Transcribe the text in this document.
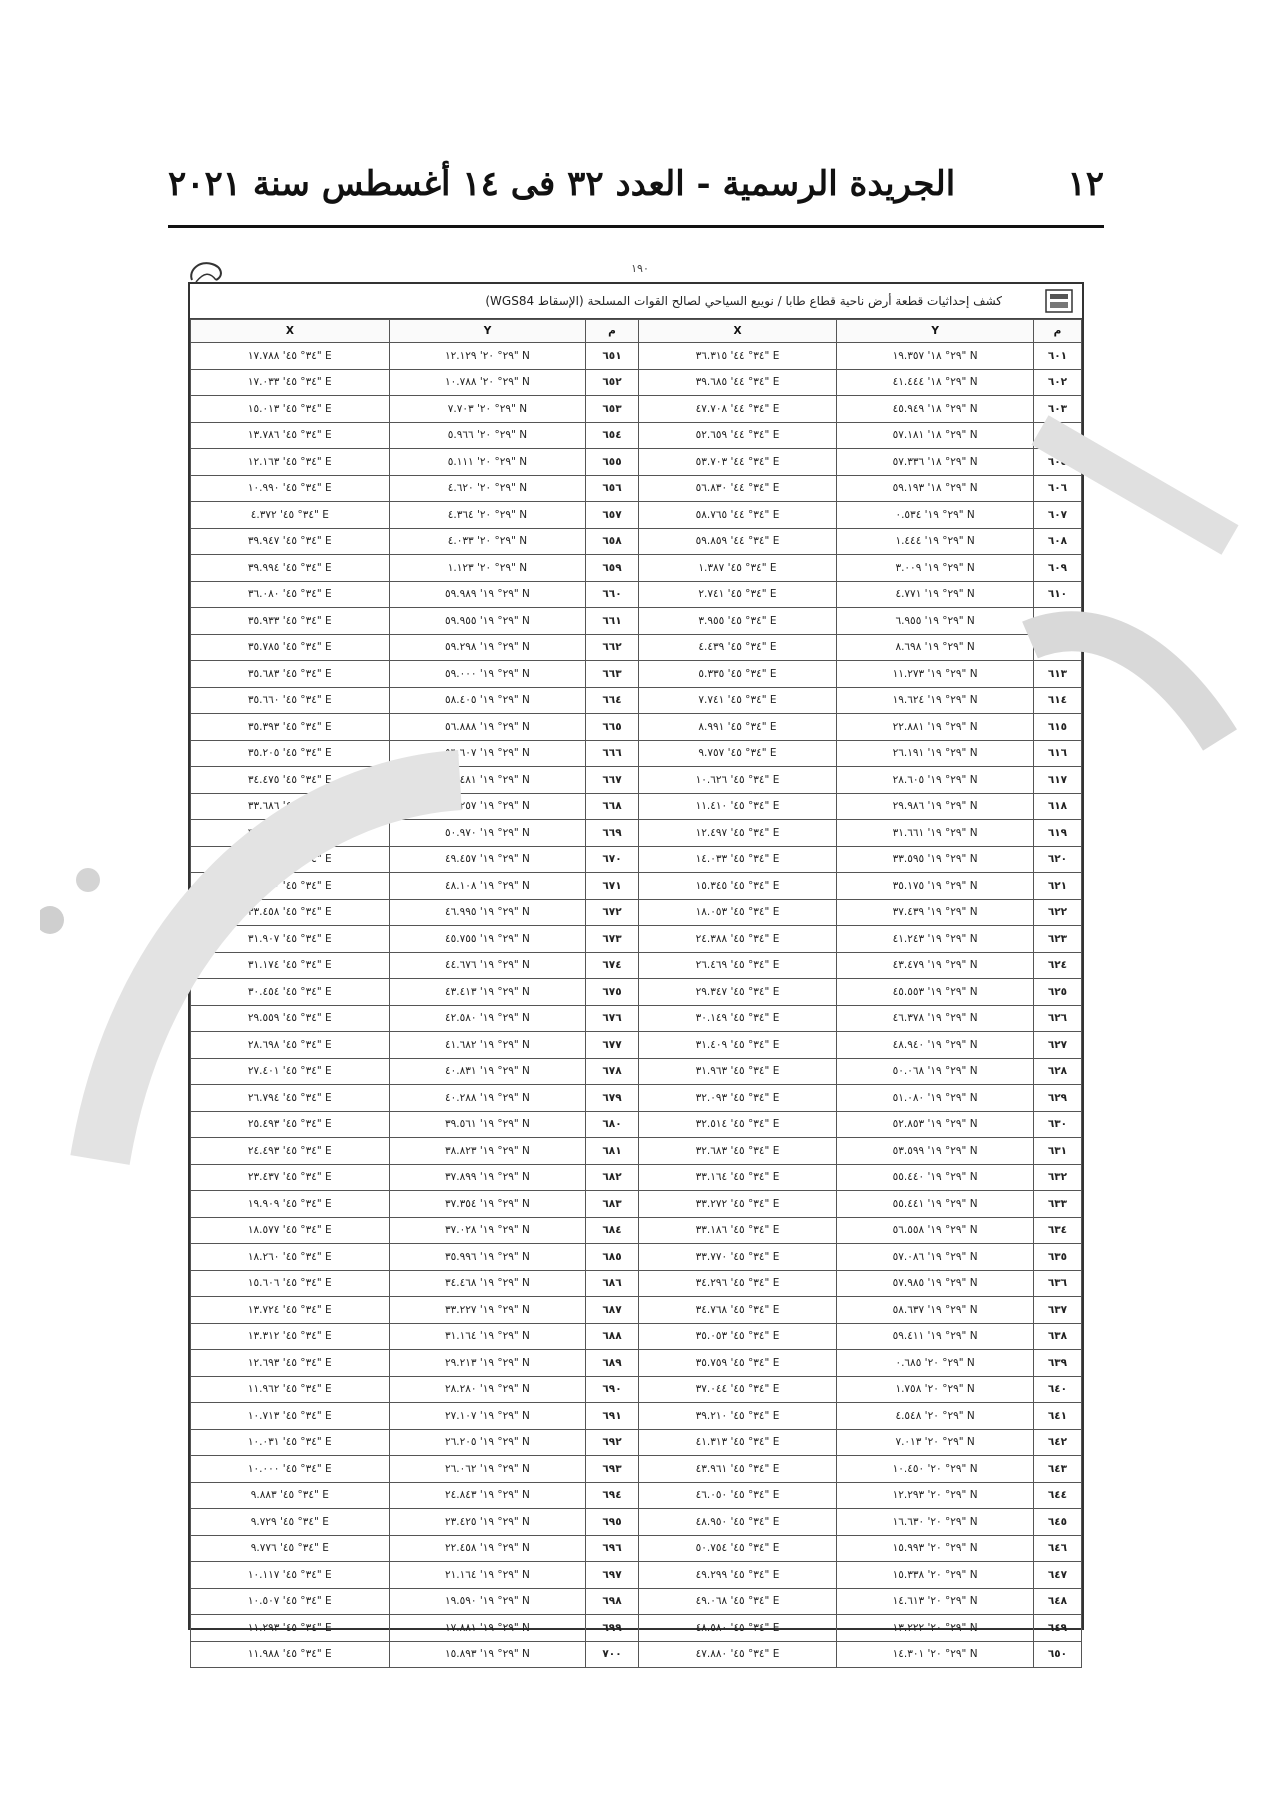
الجريدة الرسمية - العدد ٣٢ فى ١٤ أغسطس سنة ٢٠٢١	١٢
١٩٠
كشف إحداثيات قطعة أرض ناحية قطاع طابا / نويبع السياحي لصالح القوات المسلحة (الإسقاط WGS84)
م	Y	X	م	Y	X
٦٠١	٢٩° ١٨' ١٩.٣٥٧" N	٣٤° ٤٤' ٣٦.٣١٥" E	٦٥١	٢٩° ٢٠' ١٢.١٢٩" N	٣٤° ٤٥' ١٧.٧٨٨" E
٦٠٢	٢٩° ١٨' ٤١.٤٤٤" N	٣٤° ٤٤' ٣٩.٦٨٥" E	٦٥٢	٢٩° ٢٠' ١٠.٧٨٨" N	٣٤° ٤٥' ١٧.٠٣٣" E
٦٠٣	٢٩° ١٨' ٤٥.٩٤٩" N	٣٤° ٤٤' ٤٧.٧٠٨" E	٦٥٣	٢٩° ٢٠' ٧.٧٠٣" N	٣٤° ٤٥' ١٥.٠١٣" E
٦٠٤	٢٩° ١٨' ٥٧.١٨١" N	٣٤° ٤٤' ٥٢.٦٥٩" E	٦٥٤	٢٩° ٢٠' ٥.٩٦٦" N	٣٤° ٤٥' ١٣.٧٨٦" E
٦٠٥	٢٩° ١٨' ٥٧.٣٣٦" N	٣٤° ٤٤' ٥٣.٧٠٣" E	٦٥٥	٢٩° ٢٠' ٥.١١١" N	٣٤° ٤٥' ١٢.١٦٣" E
٦٠٦	٢٩° ١٨' ٥٩.١٩٣" N	٣٤° ٤٤' ٥٦.٨٣٠" E	٦٥٦	٢٩° ٢٠' ٤.٦٢٠" N	٣٤° ٤٥' ١٠.٩٩٠" E
٦٠٧	٢٩° ١٩' ٠.٥٣٤" N	٣٤° ٤٤' ٥٨.٧٦٥" E	٦٥٧	٢٩° ٢٠' ٤.٣٦٤" N	٣٤° ٤٥' ٤.٣٧٢" E
٦٠٨	٢٩° ١٩' ١.٤٤٤" N	٣٤° ٤٤' ٥٩.٨٥٩" E	٦٥٨	٢٩° ٢٠' ٤.٠٣٣" N	٣٤° ٤٥' ٣٩.٩٤٧" E
٦٠٩	٢٩° ١٩' ٣.٠٠٩" N	٣٤° ٤٥' ١.٣٨٧" E	٦٥٩	٢٩° ٢٠' ١.١٢٣" N	٣٤° ٤٥' ٣٩.٩٩٤" E
٦١٠	٢٩° ١٩' ٤.٧٧١" N	٣٤° ٤٥' ٢.٧٤١" E	٦٦٠	٢٩° ١٩' ٥٩.٩٨٩" N	٣٤° ٤٥' ٣٦.٠٨٠" E
٦١١	٢٩° ١٩' ٦.٩٥٥" N	٣٤° ٤٥' ٣.٩٥٥" E	٦٦١	٢٩° ١٩' ٥٩.٩٥٥" N	٣٤° ٤٥' ٣٥.٩٣٣" E
٦١٢	٢٩° ١٩' ٨.٦٩٨" N	٣٤° ٤٥' ٤.٤٣٩" E	٦٦٢	٢٩° ١٩' ٥٩.٢٩٨" N	٣٤° ٤٥' ٣٥.٧٨٥" E
٦١٣	٢٩° ١٩' ١١.٢٧٣" N	٣٤° ٤٥' ٥.٣٣٥" E	٦٦٣	٢٩° ١٩' ٥٩.٠٠٠" N	٣٤° ٤٥' ٣٥.٦٨٣" E
٦١٤	٢٩° ١٩' ١٩.٦٢٤" N	٣٤° ٤٥' ٧.٧٤١" E	٦٦٤	٢٩° ١٩' ٥٨.٤٠٥" N	٣٤° ٤٥' ٣٥.٦٦٠" E
٦١٥	٢٩° ١٩' ٢٢.٨٨١" N	٣٤° ٤٥' ٨.٩٩١" E	٦٦٥	٢٩° ١٩' ٥٦.٨٨٨" N	٣٤° ٤٥' ٣٥.٣٩٣" E
٦١٦	٢٩° ١٩' ٢٦.١٩١" N	٣٤° ٤٥' ٩.٧٥٧" E	٦٦٦	٢٩° ١٩' ٥٦.٦٠٧" N	٣٤° ٤٥' ٣٥.٢٠٥" E
٦١٧	٢٩° ١٩' ٢٨.٦٠٥" N	٣٤° ٤٥' ١٠.٦٢٦" E	٦٦٧	٢٩° ١٩' ٥٤.٤٨١" N	٣٤° ٤٥' ٣٤.٤٧٥" E
٦١٨	٢٩° ١٩' ٢٩.٩٨٦" N	٣٤° ٤٥' ١١.٤١٠" E	٦٦٨	٢٩° ١٩' ٥٣.٢٥٧" N	٣٤° ٤٥' ٣٣.٦٨٦" E
٦١٩	٢٩° ١٩' ٣١.٦٦١" N	٣٤° ٤٥' ١٢.٤٩٧" E	٦٦٩	٢٩° ١٩' ٥٠.٩٧٠" N	٣٤° ٤٥' ٣٣.٤٤٨" E
٦٢٠	٢٩° ١٩' ٣٣.٥٩٥" N	٣٤° ٤٥' ١٤.٠٣٣" E	٦٧٠	٢٩° ١٩' ٤٩.٤٥٧" N	٣٤° ٤٥' ٣٣.١٧٥" E
٦٢١	٢٩° ١٩' ٣٥.١٧٥" N	٣٤° ٤٥' ١٥.٣٤٥" E	٦٧١	٢٩° ١٩' ٤٨.١٠٨" N	٣٤° ٤٥' ٣٣.٨٣٠" E
٦٢٢	٢٩° ١٩' ٣٧.٤٣٩" N	٣٤° ٤٥' ١٨.٠٥٣" E	٦٧٢	٢٩° ١٩' ٤٦.٩٩٥" N	٣٤° ٤٥' ٣٣.٤٥٨" E
٦٢٣	٢٩° ١٩' ٤١.٢٤٣" N	٣٤° ٤٥' ٢٤.٣٨٨" E	٦٧٣	٢٩° ١٩' ٤٥.٧٥٥" N	٣٤° ٤٥' ٣١.٩٠٧" E
٦٢٤	٢٩° ١٩' ٤٣.٤٧٩" N	٣٤° ٤٥' ٢٦.٤٦٩" E	٦٧٤	٢٩° ١٩' ٤٤.٦٧٦" N	٣٤° ٤٥' ٣١.١٧٤" E
٦٢٥	٢٩° ١٩' ٤٥.٥٥٣" N	٣٤° ٤٥' ٢٩.٣٤٧" E	٦٧٥	٢٩° ١٩' ٤٣.٤١٣" N	٣٤° ٤٥' ٣٠.٤٥٤" E
٦٢٦	٢٩° ١٩' ٤٦.٣٧٨" N	٣٤° ٤٥' ٣٠.١٤٩" E	٦٧٦	٢٩° ١٩' ٤٢.٥٨٠" N	٣٤° ٤٥' ٢٩.٥٥٩" E
٦٢٧	٢٩° ١٩' ٤٨.٩٤٠" N	٣٤° ٤٥' ٣١.٤٠٩" E	٦٧٧	٢٩° ١٩' ٤١.٦٨٢" N	٣٤° ٤٥' ٢٨.٦٩٨" E
٦٢٨	٢٩° ١٩' ٥٠.٠٦٨" N	٣٤° ٤٥' ٣١.٩٦٣" E	٦٧٨	٢٩° ١٩' ٤٠.٨٣١" N	٣٤° ٤٥' ٢٧.٤٠١" E
٦٢٩	٢٩° ١٩' ٥١.٠٨٠" N	٣٤° ٤٥' ٣٢.٠٩٣" E	٦٧٩	٢٩° ١٩' ٤٠.٢٨٨" N	٣٤° ٤٥' ٢٦.٧٩٤" E
٦٣٠	٢٩° ١٩' ٥٢.٨٥٣" N	٣٤° ٤٥' ٣٢.٥١٤" E	٦٨٠	٢٩° ١٩' ٣٩.٥٦١" N	٣٤° ٤٥' ٢٥.٤٩٣" E
٦٣١	٢٩° ١٩' ٥٣.٥٩٩" N	٣٤° ٤٥' ٣٢.٦٨٣" E	٦٨١	٢٩° ١٩' ٣٨.٨٢٣" N	٣٤° ٤٥' ٢٤.٤٩٣" E
٦٣٢	٢٩° ١٩' ٥٥.٤٤٠" N	٣٤° ٤٥' ٣٣.١٦٤" E	٦٨٢	٢٩° ١٩' ٣٧.٨٩٩" N	٣٤° ٤٥' ٢٣.٤٣٧" E
٦٣٣	٢٩° ١٩' ٥٥.٤٤١" N	٣٤° ٤٥' ٣٣.٢٧٢" E	٦٨٣	٢٩° ١٩' ٣٧.٣٥٤" N	٣٤° ٤٥' ١٩.٩٠٩" E
٦٣٤	٢٩° ١٩' ٥٦.٥٥٨" N	٣٤° ٤٥' ٣٣.١٨٦" E	٦٨٤	٢٩° ١٩' ٣٧.٠٢٨" N	٣٤° ٤٥' ١٨.٥٧٧" E
٦٣٥	٢٩° ١٩' ٥٧.٠٨٦" N	٣٤° ٤٥' ٣٣.٧٧٠" E	٦٨٥	٢٩° ١٩' ٣٥.٩٩٦" N	٣٤° ٤٥' ١٨.٢٦٠" E
٦٣٦	٢٩° ١٩' ٥٧.٩٨٥" N	٣٤° ٤٥' ٣٤.٢٩٦" E	٦٨٦	٢٩° ١٩' ٣٤.٤٦٨" N	٣٤° ٤٥' ١٥.٦٠٦" E
٦٣٧	٢٩° ١٩' ٥٨.٦٣٧" N	٣٤° ٤٥' ٣٤.٧٦٨" E	٦٨٧	٢٩° ١٩' ٣٣.٢٢٧" N	٣٤° ٤٥' ١٣.٧٢٤" E
٦٣٨	٢٩° ١٩' ٥٩.٤١١" N	٣٤° ٤٥' ٣٥.٠٥٣" E	٦٨٨	٢٩° ١٩' ٣١.١٦٤" N	٣٤° ٤٥' ١٣.٣١٢" E
٦٣٩	٢٩° ٢٠' ٠.٦٨٥" N	٣٤° ٤٥' ٣٥.٧٥٩" E	٦٨٩	٢٩° ١٩' ٢٩.٢١٣" N	٣٤° ٤٥' ١٢.٦٩٣" E
٦٤٠	٢٩° ٢٠' ١.٧٥٨" N	٣٤° ٤٥' ٣٧.٠٤٤" E	٦٩٠	٢٩° ١٩' ٢٨.٢٨٠" N	٣٤° ٤٥' ١١.٩٦٢" E
٦٤١	٢٩° ٢٠' ٤.٥٤٨" N	٣٤° ٤٥' ٣٩.٢١٠" E	٦٩١	٢٩° ١٩' ٢٧.١٠٧" N	٣٤° ٤٥' ١٠.٧١٣" E
٦٤٢	٢٩° ٢٠' ٧.٠١٣" N	٣٤° ٤٥' ٤١.٣١٣" E	٦٩٢	٢٩° ١٩' ٢٦.٢٠٥" N	٣٤° ٤٥' ١٠.٠٣١" E
٦٤٣	٢٩° ٢٠' ١٠.٤٥٠" N	٣٤° ٤٥' ٤٣.٩٦١" E	٦٩٣	٢٩° ١٩' ٢٦.٠٦٢" N	٣٤° ٤٥' ١٠.٠٠٠" E
٦٤٤	٢٩° ٢٠' ١٢.٢٩٣" N	٣٤° ٤٥' ٤٦.٠٥٠" E	٦٩٤	٢٩° ١٩' ٢٤.٨٤٣" N	٣٤° ٤٥' ٩.٨٨٣" E
٦٤٥	٢٩° ٢٠' ١٦.٦٣٠" N	٣٤° ٤٥' ٤٨.٩٥٠" E	٦٩٥	٢٩° ١٩' ٢٣.٤٢٥" N	٣٤° ٤٥' ٩.٧٢٩" E
٦٤٦	٢٩° ٢٠' ١٥.٩٩٣" N	٣٤° ٤٥' ٥٠.٧٥٤" E	٦٩٦	٢٩° ١٩' ٢٢.٤٥٨" N	٣٤° ٤٥' ٩.٧٧٦" E
٦٤٧	٢٩° ٢٠' ١٥.٣٣٨" N	٣٤° ٤٥' ٤٩.٢٩٩" E	٦٩٧	٢٩° ١٩' ٢١.١٦٤" N	٣٤° ٤٥' ١٠.١١٧" E
٦٤٨	٢٩° ٢٠' ١٤.٦١٣" N	٣٤° ٤٥' ٤٩.٠٦٨" E	٦٩٨	٢٩° ١٩' ١٩.٥٩٠" N	٣٤° ٤٥' ١٠.٥٠٧" E
٦٤٩	٢٩° ٢٠' ١٣.٢٢٢" N	٣٤° ٤٥' ٤٨.٥٨٠" E	٦٩٩	٢٩° ١٩' ١٧.٨٨١" N	٣٤° ٤٥' ١١.٢٩٣" E
٦٥٠	٢٩° ٢٠' ١٤.٣٠١" N	٣٤° ٤٥' ٤٧.٨٨٠" E	٧٠٠	٢٩° ١٩' ١٥.٨٩٣" N	٣٤° ٤٥' ١١.٩٨٨" E
